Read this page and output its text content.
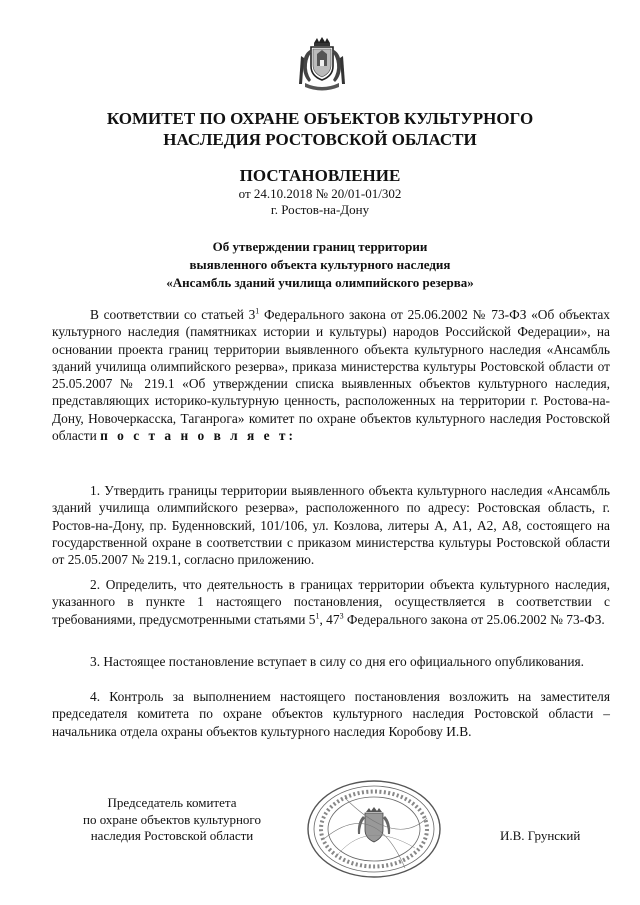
КОМИТЕТ ПО ОХРАНЕ ОБЪЕКТОВ КУЛЬТУРНОГО
НАСЛЕДИЯ РОСТОВСКОЙ ОБЛАСТИ
ПОСТАНОВЛЕНИЕ
от 24.10.2018 № 20/01-01/302
г. Ростов-на-Дону
Об утверждении границ территории
выявленного объекта культурного наследия
«Ансамбль зданий училища олимпийского резерва»

В соответствии со статьей $3^1$ Федерального закона от 25.06.2002 № 73-ФЗ «Об объектах культурного наследия (памятниках истории и культуры) народов Российской Федерации», на основании проекта границ территории выявленного объекта культурного наследия «Ансамбль зданий училища олимпийского резерва», приказа министерства культуры Ростовской области от 25.05.2007 № 219.1 «Об утверждении списка выявленных объектов культурного наследия, представляющих историко-культурную ценность, расположенных на территории г. Ростова-на-Дону, Новочеркасска, Таганрога» комитет по охране объектов культурного наследия Ростовской области п о с т а н о в л я е т:

1. Утвердить границы территории выявленного объекта культурного наследия «Ансамбль зданий училища олимпийского резерва», расположенного по адресу: Ростовская область, г. Ростов-на-Дону, пр. Буденновский, 101/106, ул. Козлова, литеры А, А1, А2, А8, состоящего на государственной охране в соответствии с приказом министерства культуры Ростовской области от 25.05.2007 № 219.1, согласно приложению.

2. Определить, что деятельность в границах территории объекта культурного наследия, указанного в пункте 1 настоящего постановления, осуществляется в соответствии с требованиями, предусмотренными статьями $5^1$, $47^3$ Федерального закона от 25.06.2002 № 73-ФЗ.

3. Настоящее постановление вступает в силу со дня его официального опубликования.

4. Контроль за выполнением настоящего постановления возложить на заместителя председателя комитета по охране объектов культурного наследия Ростовской области – начальника отдела охраны объектов культурного наследия Коробову И.В.

Председатель комитета
по охране объектов культурного
наследия Ростовской области	И.В. Грунский
